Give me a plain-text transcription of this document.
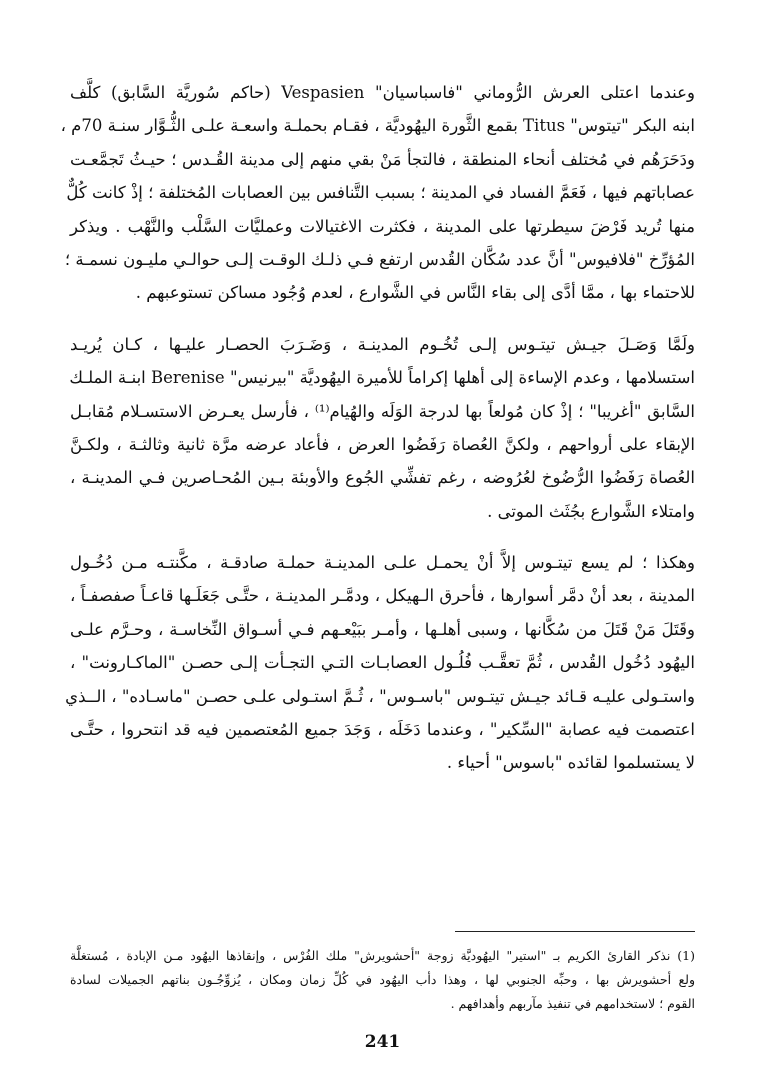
وعندما اعتلى العرش الرُّوماني "فاسباسيان" Vespasien (حاكم سُوريَّة السَّابق) كلَّف
ابنه البكر "تيتوس" Titus بقمع الثَّورة اليهُوديَّة ، فقـام بحملـة واسعـة علـى الثُّـوَّار سنـة 70م ،
ودَحَرَهُم في مُختلف أنحاء المنطقة ، فالتجأ مَنْ بقي منهم إلى مدينة القُـدس ؛ حيـثُ تَجمَّعـت
عصاباتهم فيها ، فَعَمَّ الفساد في المدينة ؛ بسبب التَّنافس بين العصابات المُختلفة ؛ إذْ كانت كُلٌّ
منها تُريد فَرْضَ سيطرتها على المدينة ، فكثرت الاغتيالات وعمليَّات السَّلْب والنَّهْب . ويذكر
المُؤرِّخ "فلافيوس" أنَّ عدد سُكَّان القُدس ارتفع فـي ذلـك الوقـت إلـى حوالـي مليـون نسمـة ؛
للاحتماء بها ، ممَّا أدَّى إلى بقاء النَّاس في الشَّوارع ، لعدم وُجُود مساكن تستوعبهم .
ولَمَّا وَصَـلَ جيـش تيتـوس إلـى تُخُـوم المدينـة ، وَضَـرَبَ الحصـار عليـها ، كـان يُريـد
استسلامها ، وعدم الإساءة إلى أهلها إكراماً للأميرة اليهُوديَّة "بيرنيس" Berenise ابنـة الملـك
السَّابق "أغريبا" ؛ إذْ كان مُولعاً بها لدرجة الوَلَه والهُيام⁽¹⁾ ، فأرسل يعـرض الاستسـلام مُقابـل
الإبقاء على أرواحهم ، ولكنَّ العُصاة رَفَضُوا العرض ، فأعاد عرضه مرَّة ثانية وثالثـة ، ولكـنَّ
العُصاة رَفَضُوا الرُّضُوخ لعُرُوضه ، رغم تفشِّي الجُوع والأوبئة بـين المُحـاصرين فـي المدينـة ،
وامتلاء الشَّوارع بجُثَث الموتى .
وهكذا ؛ لم يسع تيتـوس إلاَّ أنْ يحمـل علـى المدينـة حملـة صادقـة ، مكَّنتـه مـن دُخُـول
المدينة ، بعد أنْ دمَّر أسوارها ، فأحرق الـهيكل ، ودمَّـر المدينـة ، حتَّـى جَعَلَـها قاعـاً صفصفـاً ،
وقَتَلَ مَنْ قَتَلَ من سُكَّانها ، وسبى أهلـها ، وأمـر ببَيْعـهم فـي أسـواق النِّخاسـة ، وحـرَّم علـى
اليهُود دُخُول القُدس ، ثُمَّ تعقَّـب فُلُـول العصابـات التـي التجـأت إلـى حصـن "الماكـارونت" ،
واستـولى عليـه قـائد جيـش تيتـوس "باسـوس" ، ثُـمَّ استـولى علـى حصـن "ماسـاده" ، الــذي
اعتصمت فيه عصابة "السِّكير" ، وعندما دَخَلَه ، وَجَدَ جميع المُعتصمين فيه قد انتحروا ، حتَّـى
لا يستسلموا لقائده "باسوس" أحياء .
(1) نذكر القارئ الكريم بـ "استير" اليهُوديَّة زوجة "أحشويرش" ملك الفُرْس ، وإنقاذها اليهُود مـن الإبادة ، مُستغلَّة
ولع أحشويرش بها ، وحبِّه الجنوبي لها ، وهذا دأب اليهُود في كُلِّ زمان ومكان ، يُزوِّجُـون بناتهم الجميلات لسادة
القوم ؛ لاستخدامهم في تنفيذ مآربهم وأهدافهم .
241
